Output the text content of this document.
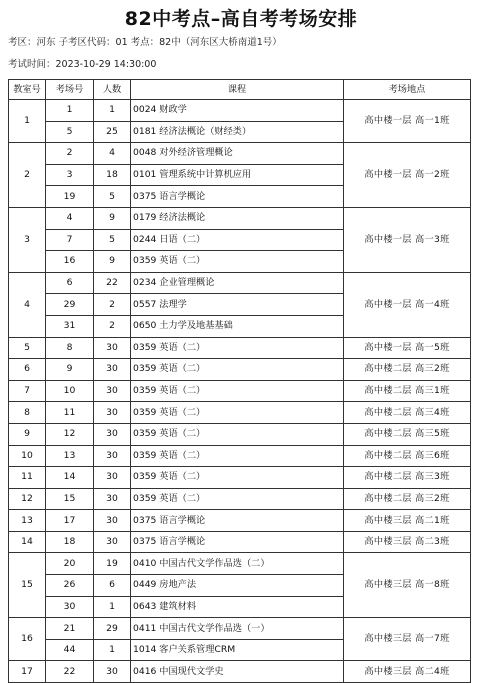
82中考点–高自考考场安排
考区：河东 子考区代码：01 考点：82中（河东区大桥南道1号）
考试时间：2023-10-29 14:30:00
教室号	考场号	人数	课程	考场地点
1	1	1	0024 财政学	高中楼一层 高一1班
	5	25	0181 经济法概论（财经类）	
2	2	4	0048 对外经济管理概论	高中楼一层 高一2班
	3	18	0101 管理系统中计算机应用	
	19	5	0375 语言学概论	
3	4	9	0179 经济法概论	高中楼一层 高一3班
	7	5	0244 日语（二）	
	16	9	0359 英语（二）	
4	6	22	0234 企业管理概论	高中楼一层 高一4班
	29	2	0557 法理学	
	31	2	0650 土力学及地基基础	
5	8	30	0359 英语（二）	高中楼一层 高一5班
6	9	30	0359 英语（二）	高中楼二层 高三2班
7	10	30	0359 英语（二）	高中楼二层 高三1班
8	11	30	0359 英语（二）	高中楼二层 高三4班
9	12	30	0359 英语（二）	高中楼二层 高三5班
10	13	30	0359 英语（二）	高中楼二层 高三6班
11	14	30	0359 英语（二）	高中楼二层 高三3班
12	15	30	0359 英语（二）	高中楼二层 高三2班
13	17	30	0375 语言学概论	高中楼三层 高二1班
14	18	30	0375 语言学概论	高中楼三层 高二3班
15	20	19	0410 中国古代文学作品选（二）	高中楼三层 高一8班
	26	6	0449 房地产法	
	30	1	0643 建筑材料	
16	21	29	0411 中国古代文学作品选（一）	高中楼三层 高一7班
	44	1	1014 客户关系管理CRM	
17	22	30	0416 中国现代文学史	高中楼三层 高二4班
